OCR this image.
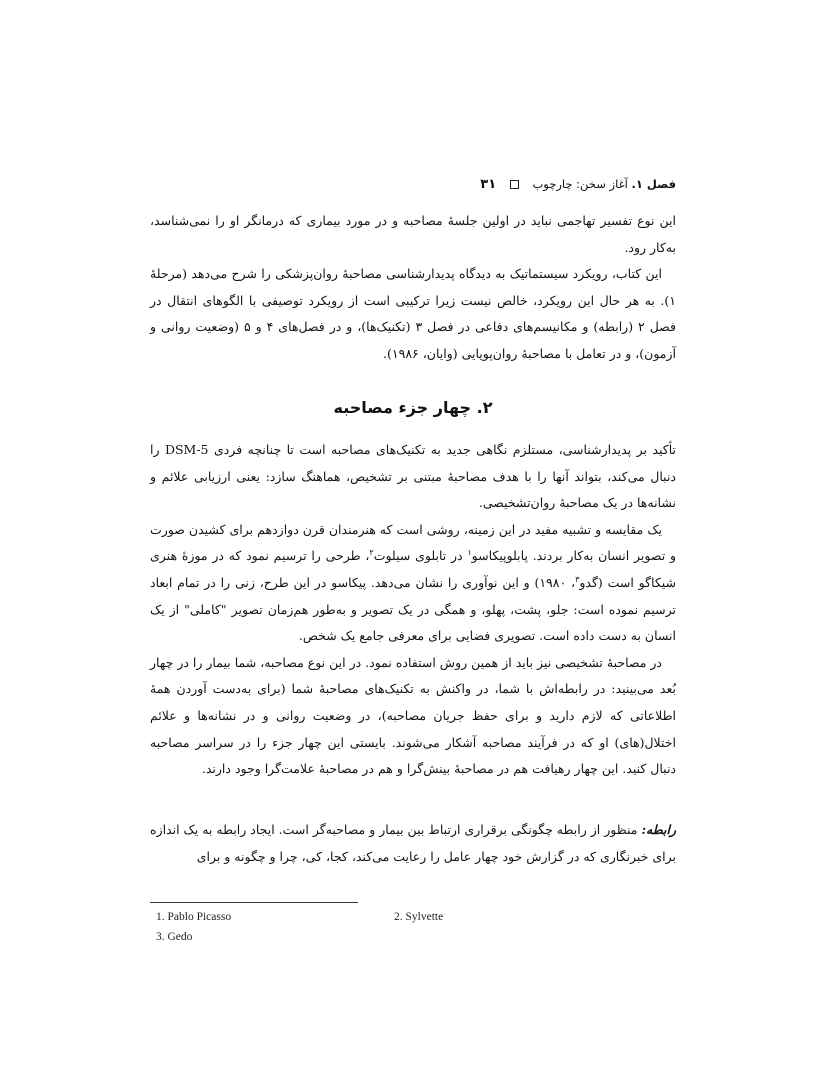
فصل ۱. آغاز سخن: چارچوب  ۳۱

این نوع تفسیر تهاجمی نباید در اولین جلسهٔ مصاحبه و در مورد بیماری که درمانگر او را نمی‌شناسد، به‌کار رود.

این کتاب، رویکرد سیستماتیک به دیدگاه پدیدارشناسی مصاحبهٔ روان‌پزشکی را شرح می‌دهد (مرحلهٔ ۱). به هر حال این رویکرد، خالص نیست زیرا ترکیبی است از رویکرد توصیفی با الگوهای انتقال در فصل ۲ (رابطه) و مکانیسم‌های دفاعی در فصل ۳ (تکنیک‌ها)، و در فصل‌های ۴ و ۵ (وضعیت روانی و آزمون)، و در تعامل با مصاحبهٔ روان‌پویایی (وایان، ۱۹۸۶).

۲. چهار جزء مصاحبه

تأکید بر پدیدارشناسی، مستلزم نگاهی جدید به تکنیک‌های مصاحبه است تا چنانچه فردی DSM-5 را دنبال می‌کند، بتواند آنها را با هدف مصاحبهٔ مبتنی بر تشخیص، هماهنگ سازد: یعنی ارزیابی علائم و نشانه‌ها در یک مصاحبهٔ روان‌تشخیصی.

یک مقایسه و تشبیه مفید در این زمینه، روشی است که هنرمندان قرن دوازدهم برای کشیدن صورت و تصویر انسان به‌کار بردند. پابلوپیکاسو$^۱$ در تابلوی سیلوت$^۲$، طرحی را ترسیم نمود که در موزهٔ هنری شیکاگو است (گدو$^۳$، ۱۹۸۰) و این نوآوری را نشان می‌دهد. پیکاسو در این طرح، زنی را در تمام ابعاد ترسیم نموده است: جلو، پشت، پهلو، و همگی در یک تصویر و به‌طور هم‌زمان تصویر "کاملی" از یک انسان به دست داده است. تصویری فضایی برای معرفی جامع یک شخص.

در مصاحبهٔ تشخیصی نیز باید از همین روش استفاده نمود. در این نوع مصاحبه، شما بیمار را در چهار بُعد می‌بینید: در رابطه‌اش با شما، در واکنش به تکنیک‌های مصاحبهٔ شما (برای به‌دست آوردن همهٔ اطلاعاتی که لازم دارید و برای حفظ جریان مصاحبه)، در وضعیت روانی و در نشانه‌ها و علائم اختلال(های) او که در فرآیند مصاحبه آشکار می‌شوند. بایستی این چهار جزء را در سراسر مصاحبه دنبال کنید. این چهار رهیافت هم در مصاحبهٔ بینش‌گرا و هم در مصاحبهٔ علامت‌گرا وجود دارند.

رابطه: منظور از رابطه چگونگی برقراری ارتباط بین بیمار و مصاحبه‌گر است. ایجاد رابطه به یک اندازه برای خبرنگاری که در گزارش خود چهار عامل را رعایت می‌کند، کجا، کی، چرا و چگونه و برای

1. Pablo Picasso	2. Sylvette
3. Gedo
